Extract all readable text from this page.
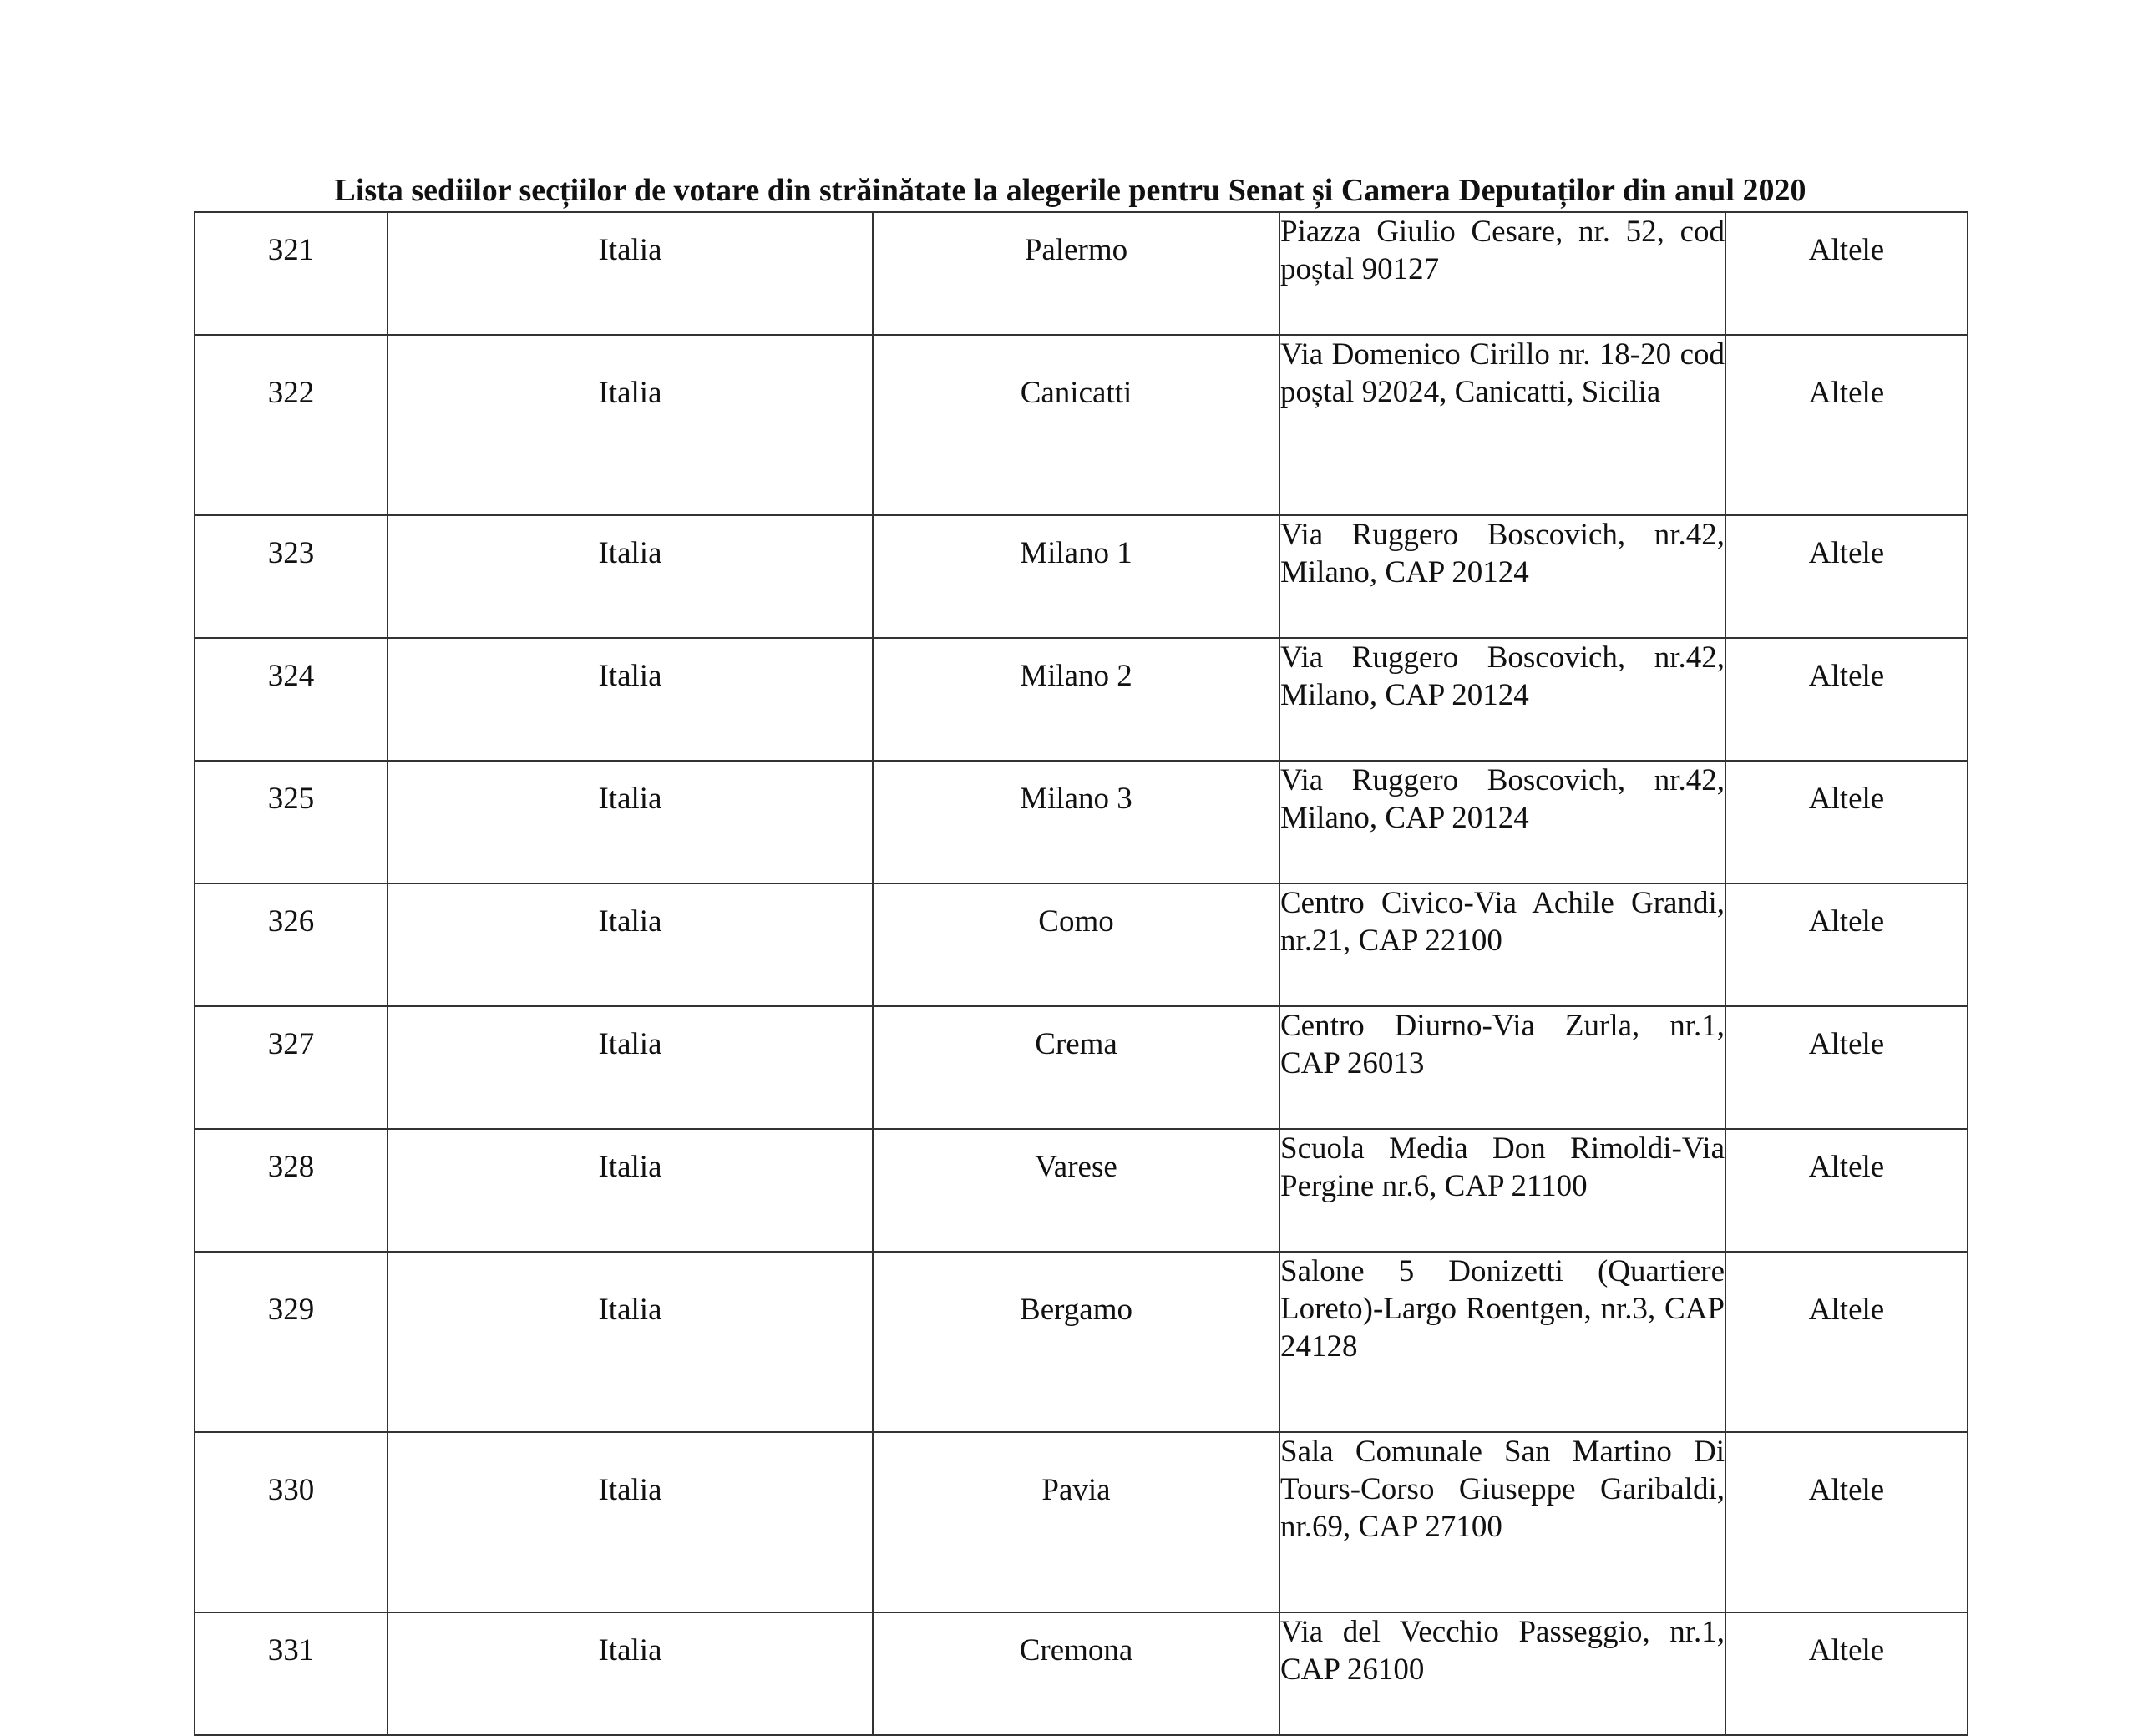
Lista sediilor secțiilor de votare din străinătate la alegerile pentru Senat și Camera Deputaților din anul 2020
321	Italia	Palermo	Piazza Giulio Cesare, nr. 52, cod poștal 90127	Altele
322	Italia	Canicatti	Via Domenico Cirillo nr. 18-20 cod poștal 92024, Canicatti, Sicilia	Altele
323	Italia	Milano 1	Via Ruggero Boscovich, nr.42, Milano, CAP 20124	Altele
324	Italia	Milano 2	Via Ruggero Boscovich, nr.42, Milano, CAP 20124	Altele
325	Italia	Milano 3	Via Ruggero Boscovich, nr.42, Milano, CAP 20124	Altele
326	Italia	Como	Centro Civico-Via Achile Grandi, nr.21, CAP 22100	Altele
327	Italia	Crema	Centro Diurno-Via Zurla, nr.1, CAP 26013	Altele
328	Italia	Varese	Scuola Media Don Rimoldi-Via Pergine nr.6, CAP 21100	Altele
329	Italia	Bergamo	Salone 5 Donizetti (Quartiere Loreto)-Largo Roentgen, nr.3, CAP 24128	Altele
330	Italia	Pavia	Sala Comunale San Martino Di Tours-Corso Giuseppe Garibaldi, nr.69, CAP 27100	Altele
331	Italia	Cremona	Via del Vecchio Passeggio, nr.1, CAP 26100	Altele
